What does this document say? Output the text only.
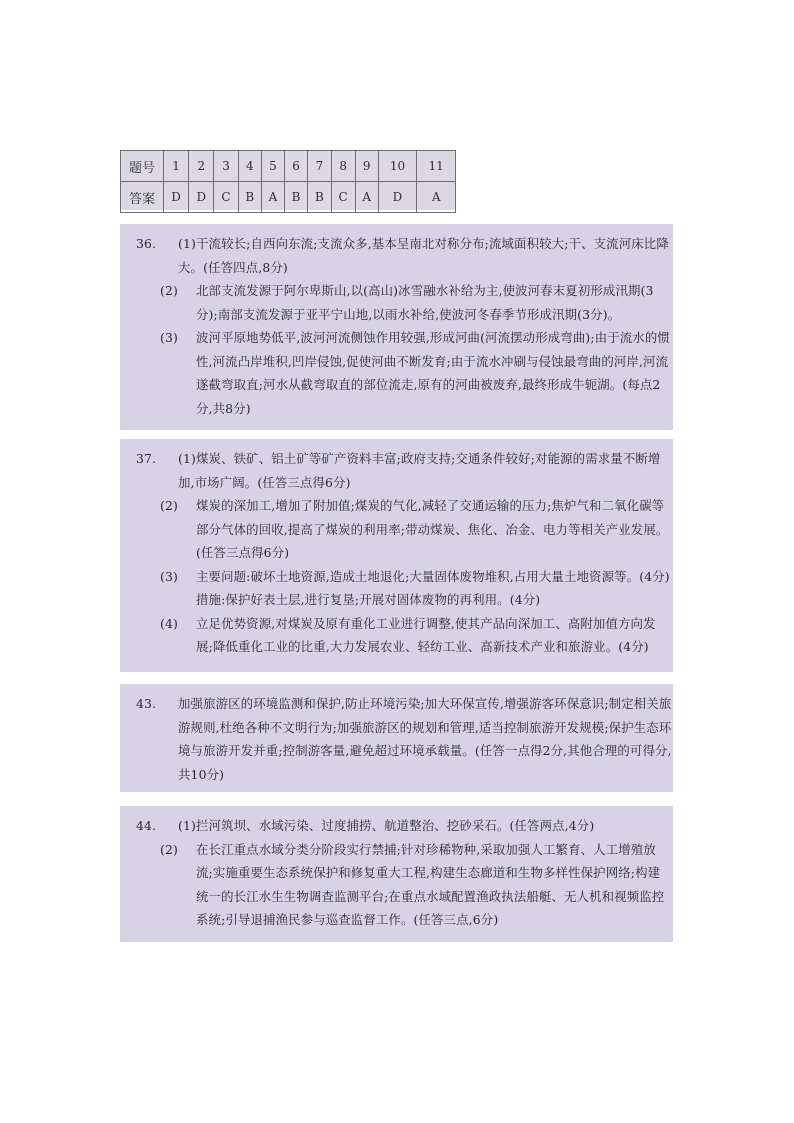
题号	1	2	3	4	5	6	7	8	9	10	11
答案	D	D	C	B	A	B	B	C	A	D	A
36. (1)干流较长;自西向东流;支流众多,基本呈南北对称分布;流域面积较大;干、支流河床比降大。(任答四点,8分)
(2) 北部支流发源于阿尔卑斯山,以(高山)冰雪融水补给为主,使波河春末夏初形成汛期(3分);南部支流发源于亚平宁山地,以雨水补给,使波河冬春季节形成汛期(3分)。
(3) 波河平原地势低平,波河河流侧蚀作用较强,形成河曲(河流摆动形成弯曲);由于流水的惯性,河流凸岸堆积,凹岸侵蚀,促使河曲不断发育;由于流水冲刷与侵蚀最弯曲的河岸,河流遂截弯取直;河水从截弯取直的部位流走,原有的河曲被废弃,最终形成牛轭湖。(每点2分,共8分)
37. (1)煤炭、铁矿、铝土矿等矿产资料丰富;政府支持;交通条件较好;对能源的需求量不断增加,市场广阔。(任答三点得6分)
(2) 煤炭的深加工,增加了附加值;煤炭的气化,减轻了交通运输的压力;焦炉气和二氧化碳等部分气体的回收,提高了煤炭的利用率;带动煤炭、焦化、冶金、电力等相关产业发展。(任答三点得6分)
(3) 主要问题:破坏土地资源,造成土地退化;大量固体废物堆积,占用大量土地资源等。(4分)措施:保护好表土层,进行复垦;开展对固体废物的再利用。(4分)
(4) 立足优势资源,对煤炭及原有重化工业进行调整,使其产品向深加工、高附加值方向发展;降低重化工业的比重,大力发展农业、轻纺工业、高新技术产业和旅游业。(4分)
43. 加强旅游区的环境监测和保护,防止环境污染;加大环保宣传,增强游客环保意识;制定相关旅游规则,杜绝各种不文明行为;加强旅游区的规划和管理,适当控制旅游开发规模;保护生态环境与旅游开发并重;控制游客量,避免超过环境承载量。(任答一点得2分,其他合理的可得分,共10分)
44. (1)拦河筑坝、水域污染、过度捕捞、航道整治、挖砂采石。(任答两点,4分)
(2) 在长江重点水域分类分阶段实行禁捕;针对珍稀物种,采取加强人工繁育、人工增殖放流;实施重要生态系统保护和修复重大工程,构建生态廊道和生物多样性保护网络;构建统一的长江水生生物调查监测平台;在重点水域配置渔政执法船艇、无人机和视频监控系统;引导退捕渔民参与巡查监督工作。(任答三点,6分)
